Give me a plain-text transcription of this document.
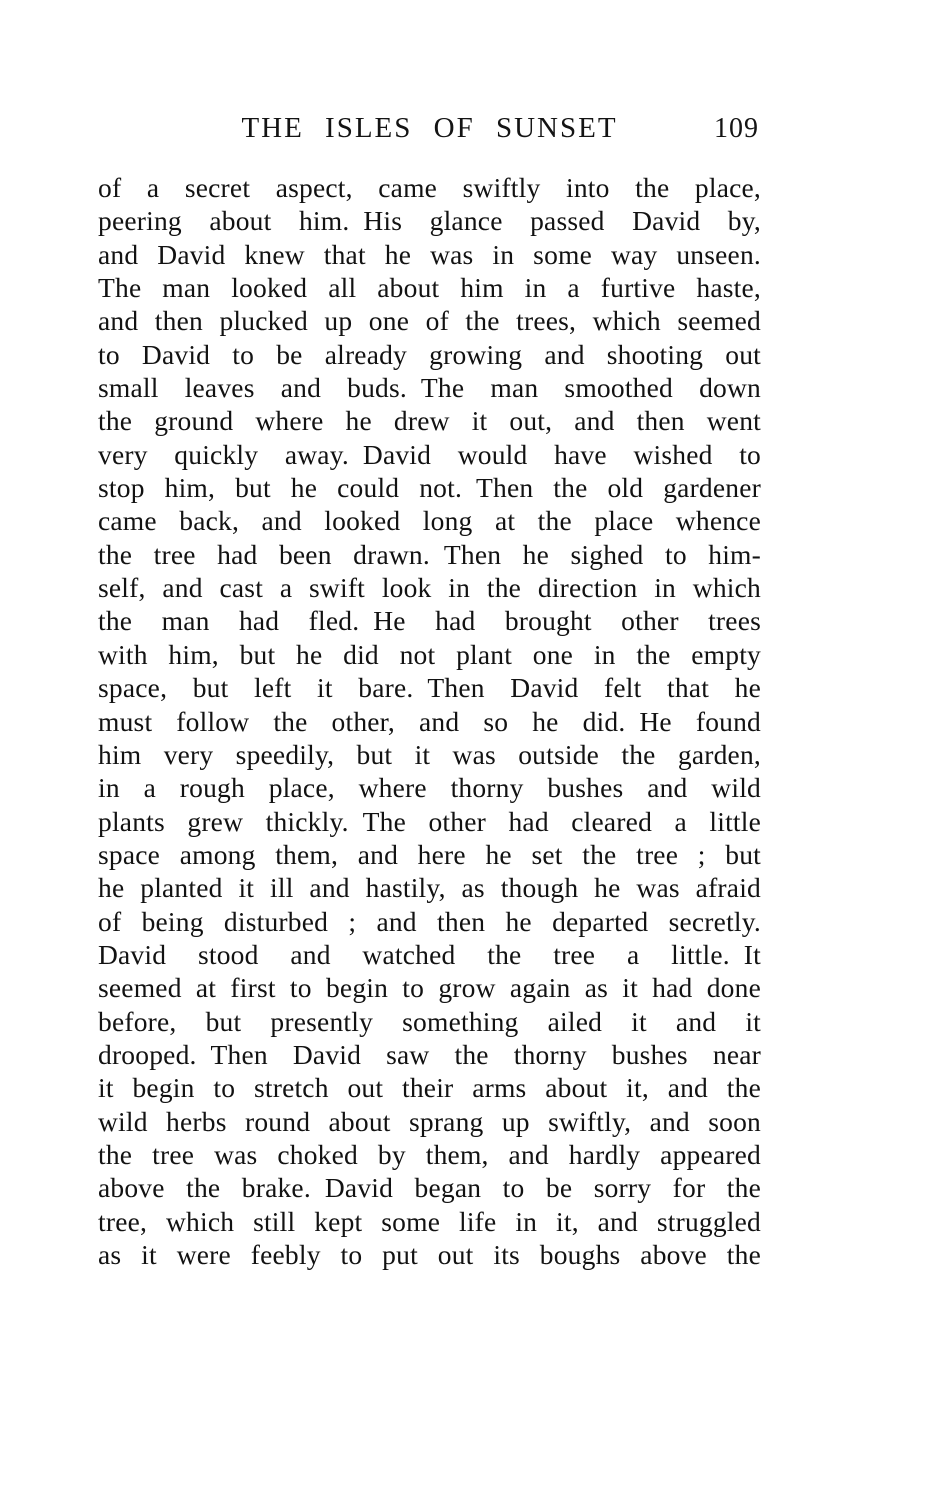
THE ISLES OF SUNSET	109
of a secret aspect, came swiftly into the place,
peering about him. His glance passed David by,
and David knew that he was in some way unseen.
The man looked all about him in a furtive haste,
and then plucked up one of the trees, which seemed
to David to be already growing and shooting out
small leaves and buds. The man smoothed down
the ground where he drew it out, and then went
very quickly away. David would have wished to
stop him, but he could not. Then the old gardener
came back, and looked long at the place whence
the tree had been drawn. Then he sighed to him-
self, and cast a swift look in the direction in which
the man had fled. He had brought other trees
with him, but he did not plant one in the empty
space, but left it bare. Then David felt that he
must follow the other, and so he did. He found
him very speedily, but it was outside the garden,
in a rough place, where thorny bushes and wild
plants grew thickly. The other had cleared a little
space among them, and here he set the tree ; but
he planted it ill and hastily, as though he was afraid
of being disturbed ; and then he departed secretly.
David stood and watched the tree a little. It
seemed at first to begin to grow again as it had done
before, but presently something ailed it and it
drooped. Then David saw the thorny bushes near
it begin to stretch out their arms about it, and the
wild herbs round about sprang up swiftly, and soon
the tree was choked by them, and hardly appeared
above the brake. David began to be sorry for the
tree, which still kept some life in it, and struggled
as it were feebly to put out its boughs above the
